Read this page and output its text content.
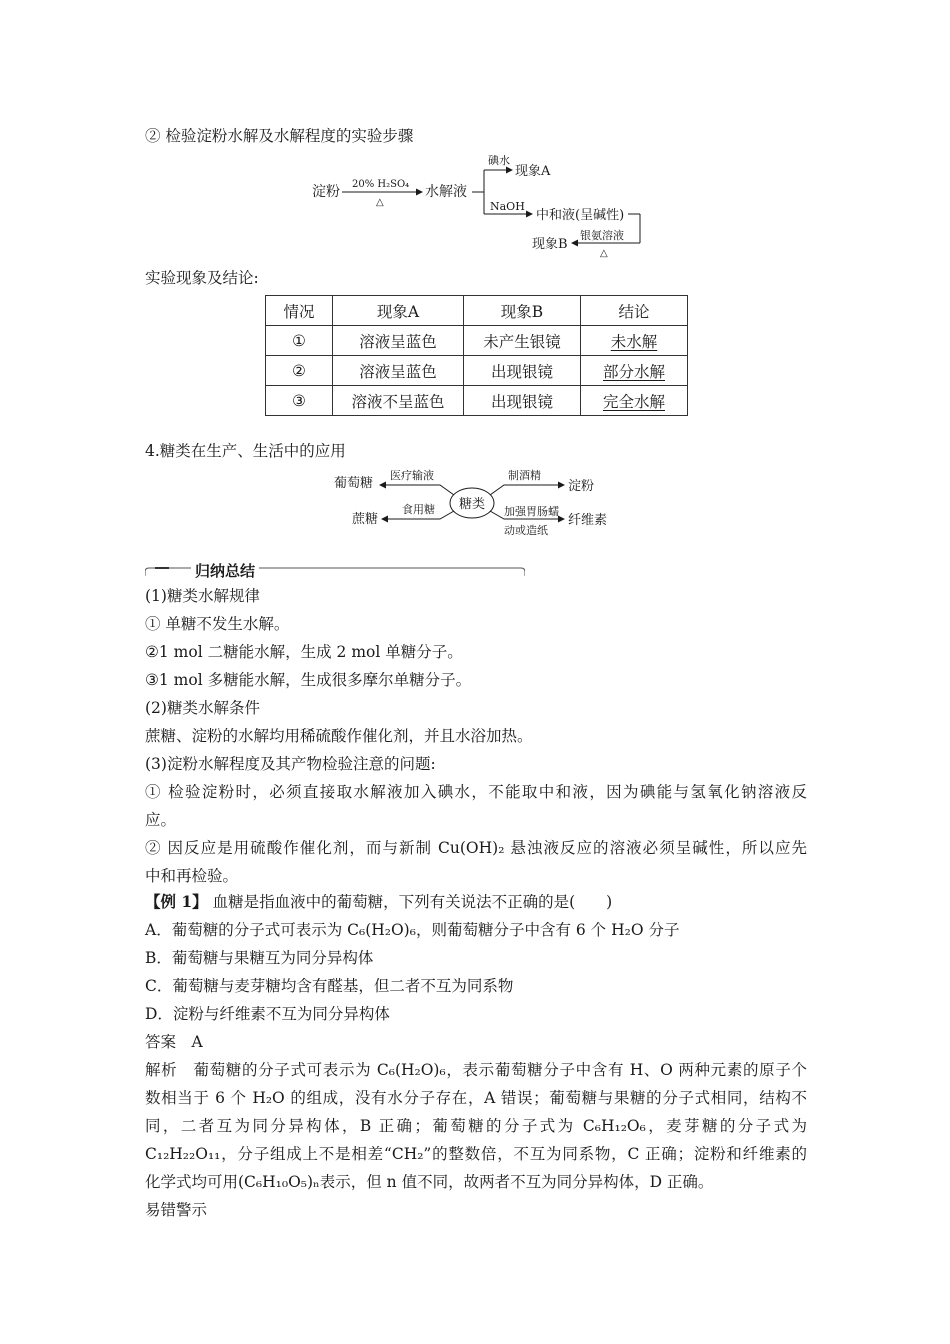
② 检验淀粉水解及水解程度的实验步骤
淀粉 20% H₂SO₄
△
水解液
碘水
现象A
NaOH
中和液(呈碱性)
银氨溶液
△
现象B
实验现象及结论:
情况	现象A	现象B	结论
①	溶液呈蓝色	未产生银镜	未水解
②	溶液呈蓝色	出现银镜	部分水解
③	溶液不呈蓝色	出现银镜	完全水解
4.糖类在生产、生活中的应用
糖类
葡萄糖
医疗输液
蔗糖
食用糖
制酒精
淀粉
加强胃肠蠕
动或造纸
纤维素
归纳总结
(1)糖类水解规律
① 单糖不发生水解。
②1 mol 二糖能水解，生成 2 mol 单糖分子。
③1 mol 多糖能水解，生成很多摩尔单糖分子。
(2)糖类水解条件
蔗糖、淀粉的水解均用稀硫酸作催化剂，并且水浴加热。
(3)淀粉水解程度及其产物检验注意的问题:
① 检验淀粉时，必须直接取水解液加入碘水，不能取中和液，因为碘能与氢氧化钠溶液反
应。
② 因反应是用硫酸作催化剂，而与新制 Cu(OH)₂ 悬浊液反应的溶液必须呈碱性，所以应先
中和再检验。
【例 1】 血糖是指血液中的葡萄糖，下列有关说法不正确的是(　　)
A．葡萄糖的分子式可表示为 C₆(H₂O)₆，则葡萄糖分子中含有 6 个 H₂O 分子
B．葡萄糖与果糖互为同分异构体
C．葡萄糖与麦芽糖均含有醛基，但二者不互为同系物
D．淀粉与纤维素不互为同分异构体
答案　A
解析　葡萄糖的分子式可表示为 C₆(H₂O)₆，表示葡萄糖分子中含有 H、O 两种元素的原子个
数相当于 6 个 H₂O 的组成，没有水分子存在，A 错误；葡萄糖与果糖的分子式相同，结构不
同，二者互为同分异构体，B 正确；葡萄糖的分子式为 C₆H₁₂O₆，麦芽糖的分子式为
C₁₂H₂₂O₁₁，分子组成上不是相差“CH₂”的整数倍，不互为同系物，C 正确；淀粉和纤维素的
化学式均可用(C₆H₁₀O₅)ₙ表示，但 n 值不同，故两者不互为同分异构体，D 正确。
易错警示
